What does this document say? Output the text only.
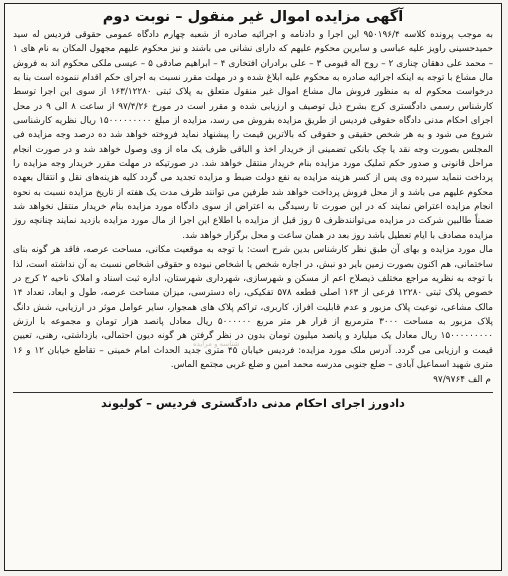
آگهی مزایده اموال غیر منقول – نوبت دوم

به موجب پرونده کلاسه ۹۵۰۱۹۶/۴ این اجرا و دادنامه و اجرائیه صادره از شعبه چهارم دادگاه عمومی حقوقی فردیس له سید حمیدحسینی راویز علیه عباسی و سایرین محکوم علیهم که دارای نشانی می باشند و نیز محکوم علیهم مجهول المکان به نام های ۱ – محمد علی دهقان چناری ۲ – روح اله قیومی ۳ – علی برادران افتخاری ۴ – ابراهیم صادقی ۵ – عیسی ملکی محکوم اند به فروش مال مشاع با توجه به اینکه اجرائیه صادره به محکوم علیه ابلاغ شده و در مهلت مقرر نسبت به اجرای حکم اقدام ننموده است بنا به درخواست محکوم له به منظور فروش مال مشاع اموال غیر منقول متعلق به پلاک ثبتی ۱۶۳/۱۲۲۸۰ از سوی این اجرا توسط کارشناس رسمی دادگستری کرج بشرح ذیل توصیف و ارزیابی شده و مقرر است در مورخ ۹۷/۴/۲۶ از ساعت ۸ الی ۹ در محل اجرای احکام مدنی دادگاه حقوقی فردیس از طریق مزایده بفروش می رسد، مزایده از مبلغ ۱۵۰۰۰۰۰۰۰۰۰ ریال نظریه کارشناسی شروع می شود و به هر شخص حقیقی و حقوقی که بالاترین قیمت را پیشنهاد نماید فروخته خواهد شد ده درصد وجه مزایده فی المجلس بصورت وجه نقد یا چک بانکی تضمینی از خریدار اخذ و الباقی ظرف یک ماه از وی وصول خواهد شد و در صورت انجام مراحل قانونی و صدور حکم تملیک مورد مزایده بنام خریدار منتقل خواهد شد. در صورتیکه در مهلت مقرر خریدار وجه مزایده را پرداخت ننماید سپرده وی پس از کسر هزینه مزایده به نفع دولت ضبط و مزایده تجدید می گردد کلیه هزینه‌های نقل و انتقال بعهده محکوم علیهم می باشد و از محل فروش پرداخت خواهد شد طرفین می توانند ظرف مدت یک هفته از تاریخ مزایده نسبت به نحوه انجام مزایده اعتراض نمایند که در این صورت تا رسیدگی به اعتراض از سوی دادگاه مورد مزایده بنام خریدار منتقل نخواهد شد ضمناً طالبین شرکت در مزایده می‌توانندظرف ۵ روز قبل از مزایده با اطلاع این اجرا از مال مورد مزایده بازدید نمایند چنانچه روز مزایده مصادف با ایام تعطیل باشد روز بعد در همان ساعت و محل برگزار خواهد شد.

مال مورد مزایده و بهای آن طبق نظر کارشناس بدین شرح است: با توجه به موقعیت مکانی، مساحت عرصه، فاقد هر گونه بنای ساختمانی، هم اکنون بصورت زمین بایر دو نبش، در اجاره شخص یا اشخاص نبوده و حقوقی اشخاص نسبت به آن نداشته است، لذا با توجه به نظریه مراجع مختلف ذیصلاح اعم از مسکن و شهرسازی، شهرداری شهرستان، اداره ثبت اسناد و املاک ناحیه ۲ کرج در خصوص پلاک ثبتی ۱۲۲۸۰ فرعی از ۱۶۳ اصلی قطعه ۵۷۸ تفکیکی، راه دسترسی، میزان مساحت عرصه، طول و ابعاد، تعداد ۱۴ مالک مشاعی، نوعیت پلاک مزبور و عدم قابلیت افراز، کاربری، تراکم پلاک های همجوار، سایر عوامل موثر در ارزیابی، شش دانگ پلاک مزبور به مساحت ۳۰۰۰ مترمربع از قرار هر متر مربع ۵۰۰۰۰۰۰ ریال معادل پانصد هزار تومان و مجموعه با ارزش ۱۵۰۰۰۰۰۰۰۰۰ ریال معادل یک میلیارد و پانصد میلیون تومان بدون در نظر گرفتن هر گونه دیون احتمالی، بازداشتی، رهنی، تعیین قیمت و ارزیابی می گردد. آدرس ملک مورد مزایده: فردیس خیابان ۴۵ متری جدید الحداث امام خمینی – تقاطع خیابان ۱۲ و ۱۶ متری شهید اسماعیل آبادی – ضلع جنوبی مدرسه محمد امین و ضلع غربی مجتمع الماس.

م الف ۹۷/۹۷۶۴
دادورز اجرای احکام مدنی دادگستری فردیس – کولیوند
شناسه و مزایده
